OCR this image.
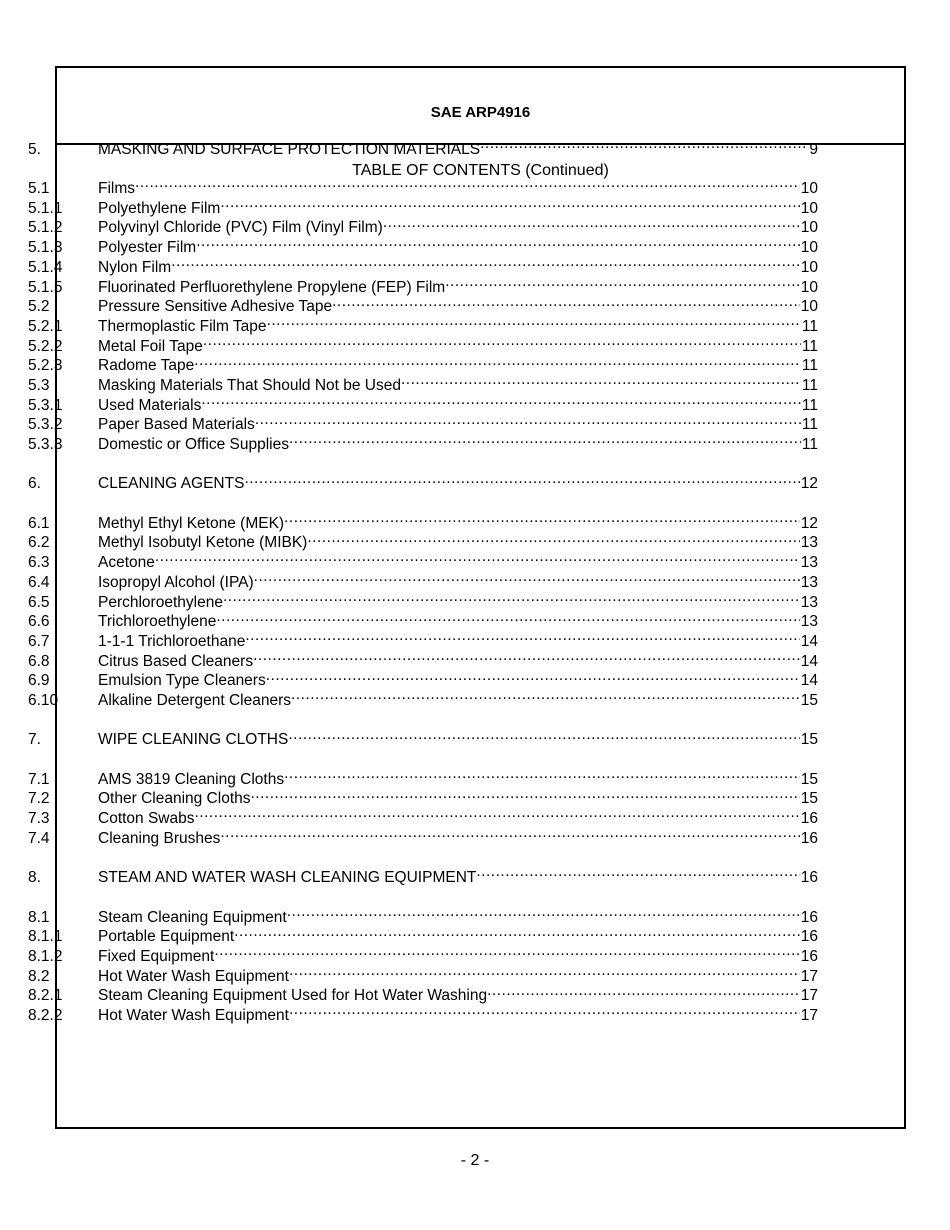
SAE ARP4916
TABLE OF CONTENTS (Continued)
5.	MASKING AND SURFACE PROTECTION MATERIALS .....	9
5.1	Films .....	10
5.1.1	Polyethylene Film .....	10
5.1.2	Polyvinyl Chloride (PVC) Film (Vinyl Film) .....	10
5.1.3	Polyester Film .....	10
5.1.4	Nylon Film .....	10
5.1.5	Fluorinated Perfluorethylene Propylene (FEP) Film .....	10
5.2	Pressure Sensitive Adhesive Tape .....	10
5.2.1	Thermoplastic Film Tape .....	11
5.2.2	Metal Foil Tape .....	11
5.2.3	Radome Tape .....	11
5.3	Masking Materials That Should Not be Used .....	11
5.3.1	Used Materials .....	11
5.3.2	Paper Based Materials .....	11
5.3.3	Domestic or Office Supplies .....	11
6.	CLEANING AGENTS .....	12
6.1	Methyl Ethyl Ketone (MEK) .....	12
6.2	Methyl Isobutyl Ketone (MIBK) .....	13
6.3	Acetone .....	13
6.4	Isopropyl Alcohol (IPA) .....	13
6.5	Perchloroethylene .....	13
6.6	Trichloroethylene .....	13
6.7	1-1-1 Trichloroethane .....	14
6.8	Citrus Based Cleaners .....	14
6.9	Emulsion Type Cleaners .....	14
6.10	Alkaline Detergent Cleaners .....	15
7.	WIPE CLEANING CLOTHS .....	15
7.1	AMS 3819 Cleaning Cloths .....	15
7.2	Other Cleaning Cloths .....	15
7.3	Cotton Swabs .....	16
7.4	Cleaning Brushes .....	16
8.	STEAM AND WATER WASH CLEANING EQUIPMENT .....	16
8.1	Steam Cleaning Equipment .....	16
8.1.1	Portable Equipment .....	16
8.1.2	Fixed Equipment .....	16
8.2	Hot Water Wash Equipment .....	17
8.2.1	Steam Cleaning Equipment Used for Hot Water Washing .....	17
8.2.2	Hot Water Wash Equipment .....	17
- 2 -
